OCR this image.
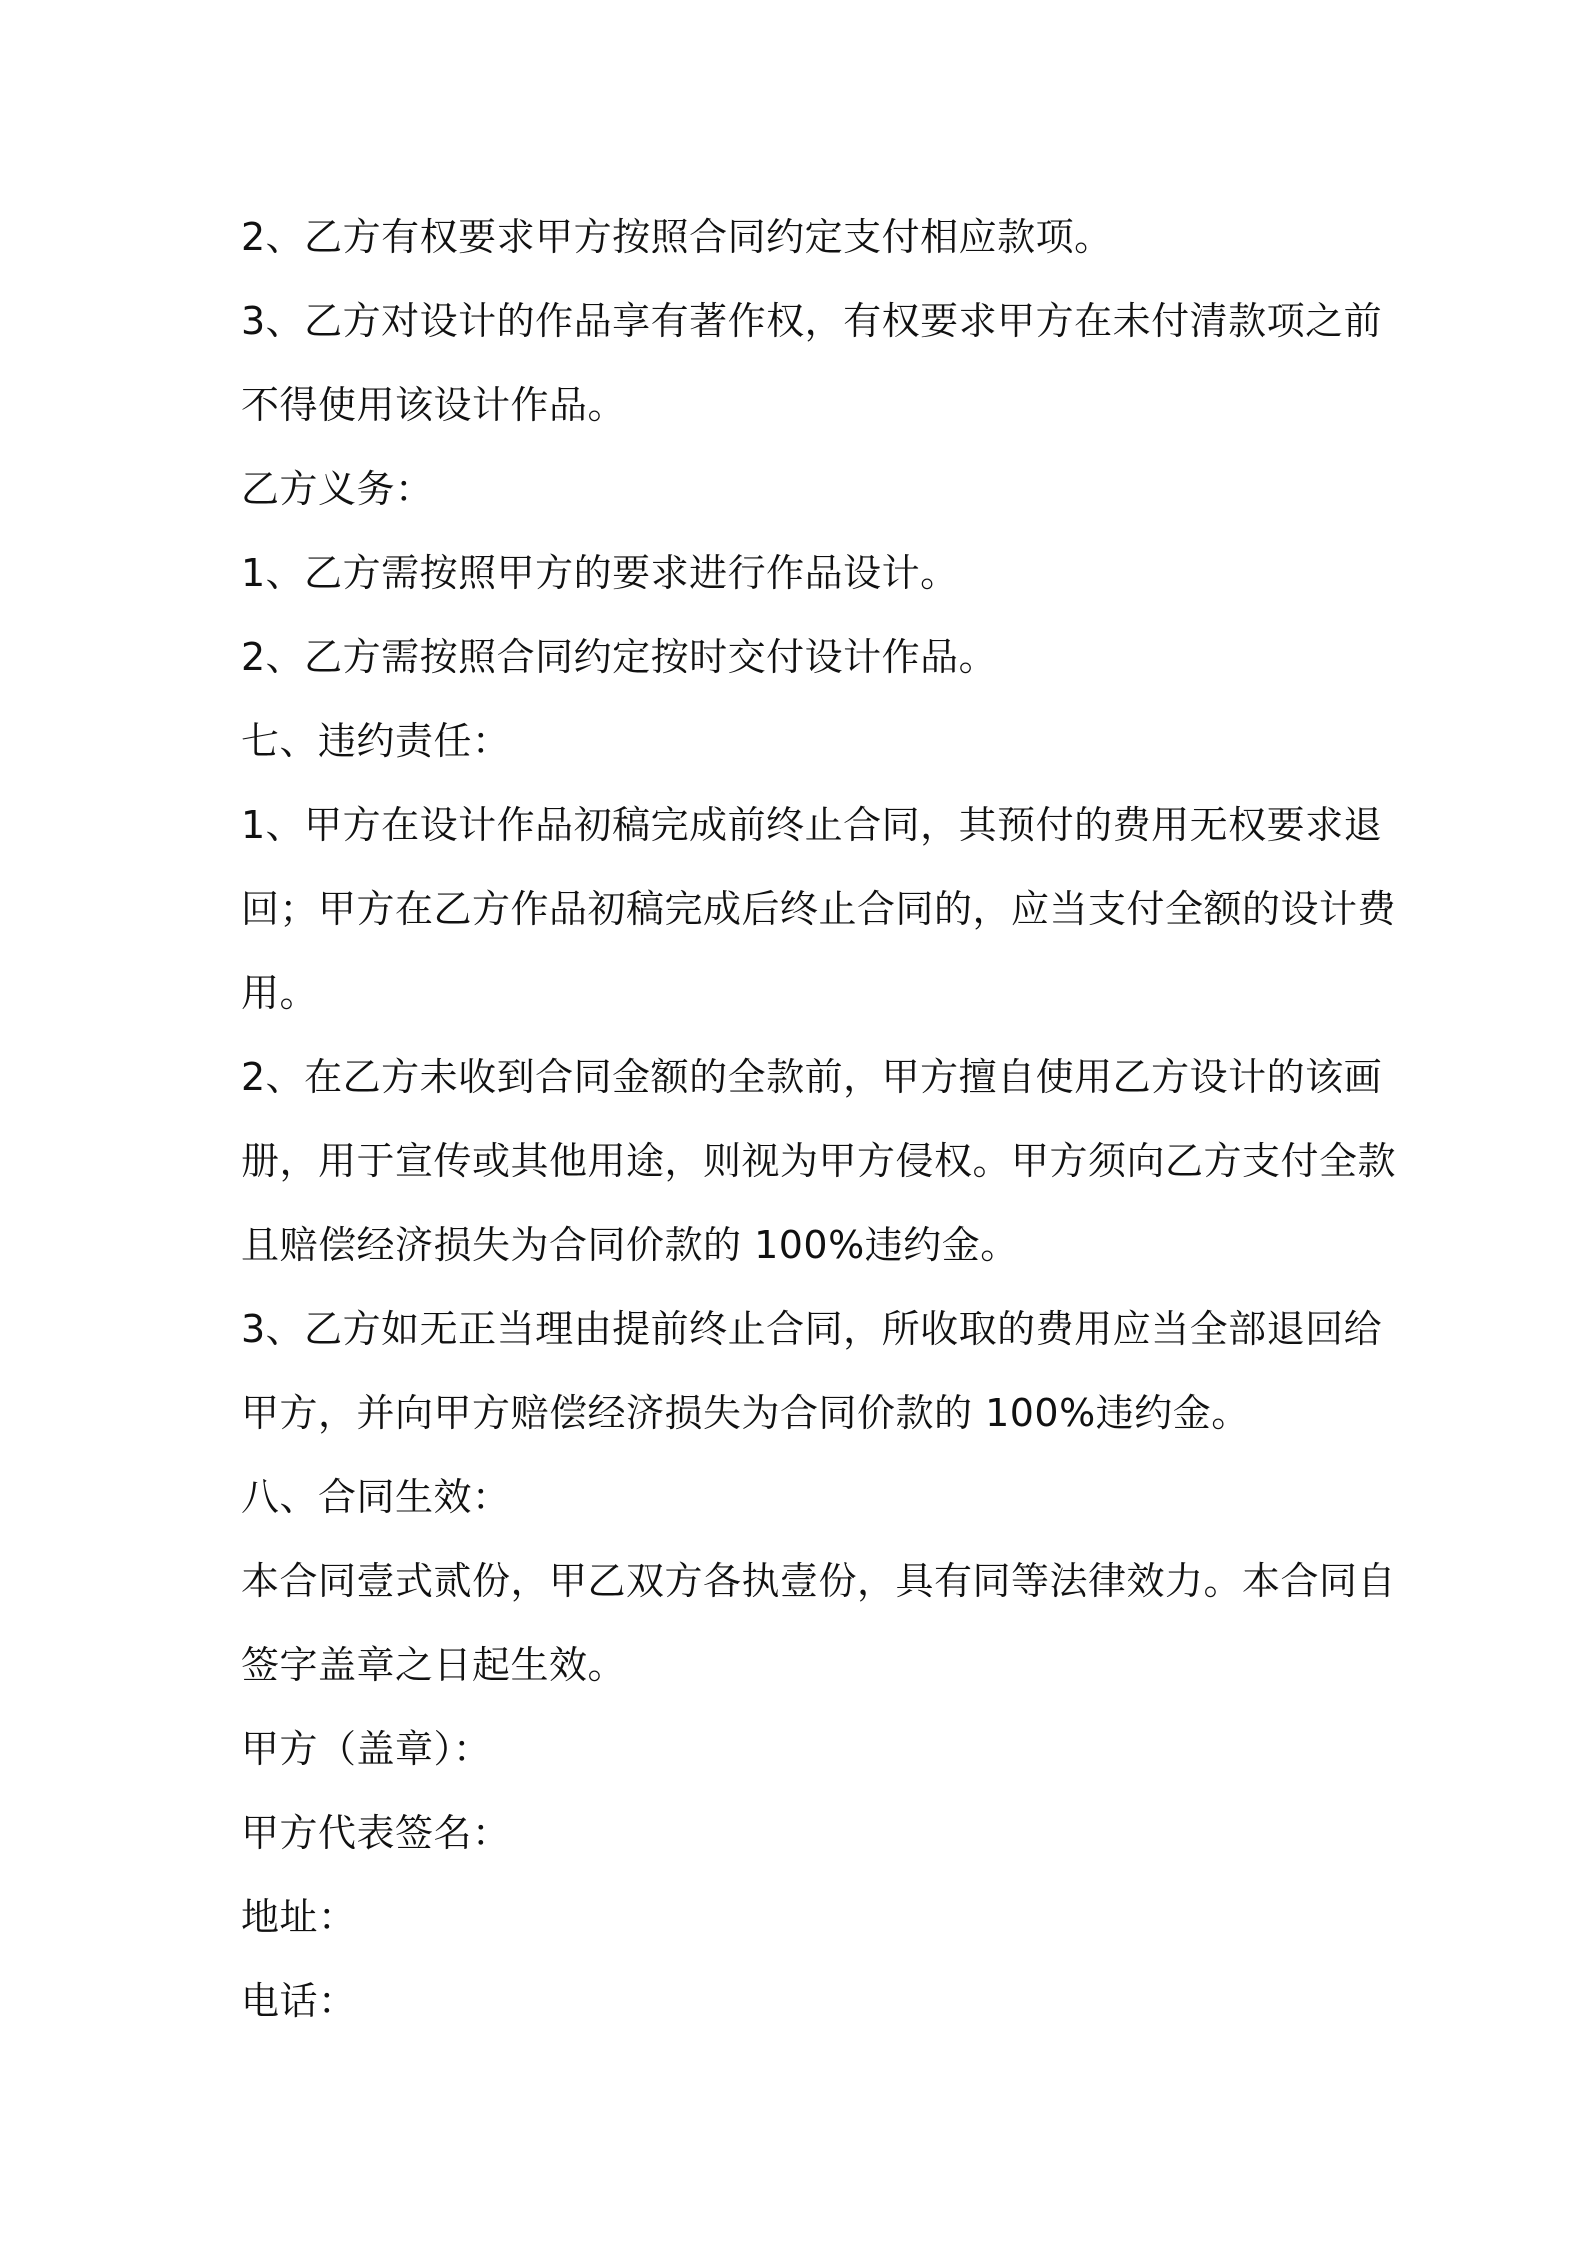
2、乙方有权要求甲方按照合同约定支付相应款项。
3、乙方对设计的作品享有著作权，有权要求甲方在未付清款项之前
不得使用该设计作品。
乙方义务：
1、乙方需按照甲方的要求进行作品设计。
2、乙方需按照合同约定按时交付设计作品。
七、违约责任：
1、甲方在设计作品初稿完成前终止合同，其预付的费用无权要求退
回；甲方在乙方作品初稿完成后终止合同的，应当支付全额的设计费
用。
2、在乙方未收到合同金额的全款前，甲方擅自使用乙方设计的该画
册，用于宣传或其他用途，则视为甲方侵权。甲方须向乙方支付全款
且赔偿经济损失为合同价款的 100%违约金。
3、乙方如无正当理由提前终止合同，所收取的费用应当全部退回给
甲方，并向甲方赔偿经济损失为合同价款的 100%违约金。
八、合同生效：
本合同壹式贰份，甲乙双方各执壹份，具有同等法律效力。本合同自
签字盖章之日起生效。
甲方（盖章）：
甲方代表签名：
地址：
电话：
